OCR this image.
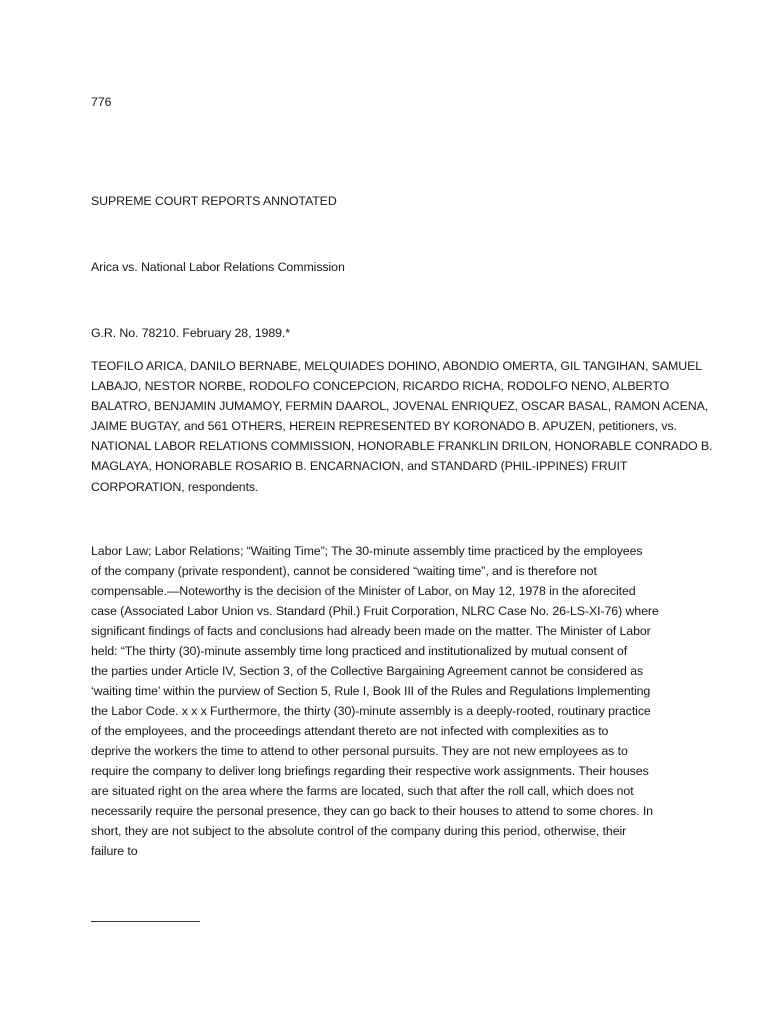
776
SUPREME COURT REPORTS ANNOTATED
Arica vs. National Labor Relations Commission
G.R. No. 78210. February 28, 1989.*
TEOFILO ARICA, DANILO BERNABE, MELQUIADES DOHINO, ABONDIO OMERTA, GIL TANGIHAN, SAMUEL
LABAJO, NESTOR NORBE, RODOLFO CONCEPCION, RICARDO RICHA, RODOLFO NENO, ALBERTO
BALATRO, BENJAMIN JUMAMOY, FERMIN DAAROL, JOVENAL ENRIQUEZ, OSCAR BASAL, RAMON ACENA,
JAIME BUGTAY, and 561 OTHERS, HEREIN REPRESENTED BY KORONADO B. APUZEN, petitioners, vs.
NATIONAL LABOR RELATIONS COMMISSION, HONORABLE FRANKLIN DRILON, HONORABLE CONRADO B.
MAGLAYA, HONORABLE ROSARIO B. ENCARNACION, and STANDARD (PHIL-IPPINES) FRUIT
CORPORATION, respondents.
Labor Law; Labor Relations; “Waiting Time”; The 30-minute assembly time practiced by the employees
of the company (private respondent), cannot be considered “waiting time”, and is therefore not
compensable.—Noteworthy is the decision of the Minister of Labor, on May 12, 1978 in the aforecited
case (Associated Labor Union vs. Standard (Phil.) Fruit Corporation, NLRC Case No. 26-LS-XI-76) where
significant findings of facts and conclusions had already been made on the matter. The Minister of Labor
held: “The thirty (30)-minute assembly time long practiced and institutionalized by mutual consent of
the parties under Article IV, Section 3, of the Collective Bargaining Agreement cannot be considered as
‘waiting time’ within the purview of Section 5, Rule I, Book III of the Rules and Regulations Implementing
the Labor Code. x x x Furthermore, the thirty (30)-minute assembly is a deeply-rooted, routinary practice
of the employees, and the proceedings attendant thereto are not infected with complexities as to
deprive the workers the time to attend to other personal pursuits. They are not new employees as to
require the company to deliver long briefings regarding their respective work assignments. Their houses
are situated right on the area where the farms are located, such that after the roll call, which does not
necessarily require the personal presence, they can go back to their houses to attend to some chores. In
short, they are not subject to the absolute control of the company during this period, otherwise, their
failure to
